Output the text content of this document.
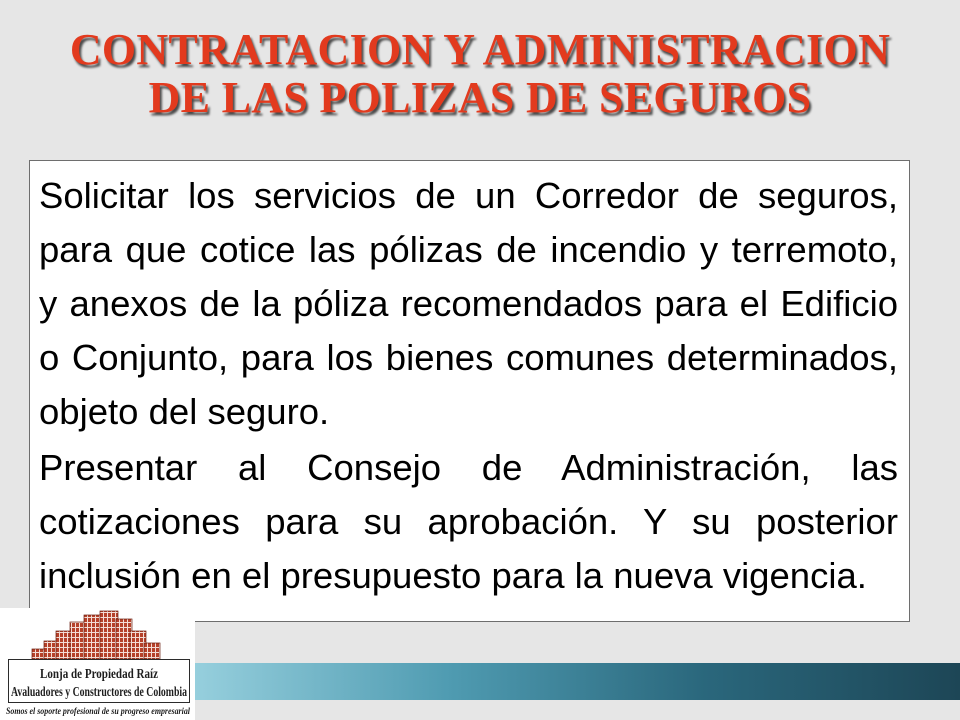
CONTRATACION Y ADMINISTRACION
DE LAS POLIZAS DE SEGUROS
Solicitar los servicios de un Corredor de seguros,
para que cotice las pólizas de incendio y terremoto,
y anexos de la póliza recomendados para el Edificio
o Conjunto, para los bienes comunes determinados,
objeto del seguro.
Presentar al Consejo de Administración, las
cotizaciones para su aprobación. Y su posterior
inclusión en el presupuesto para la nueva vigencia.
Lonja de Propiedad Raíz
Avaluadores y Constructores de Colombia
Somos el soporte profesional de su progreso empresarial
